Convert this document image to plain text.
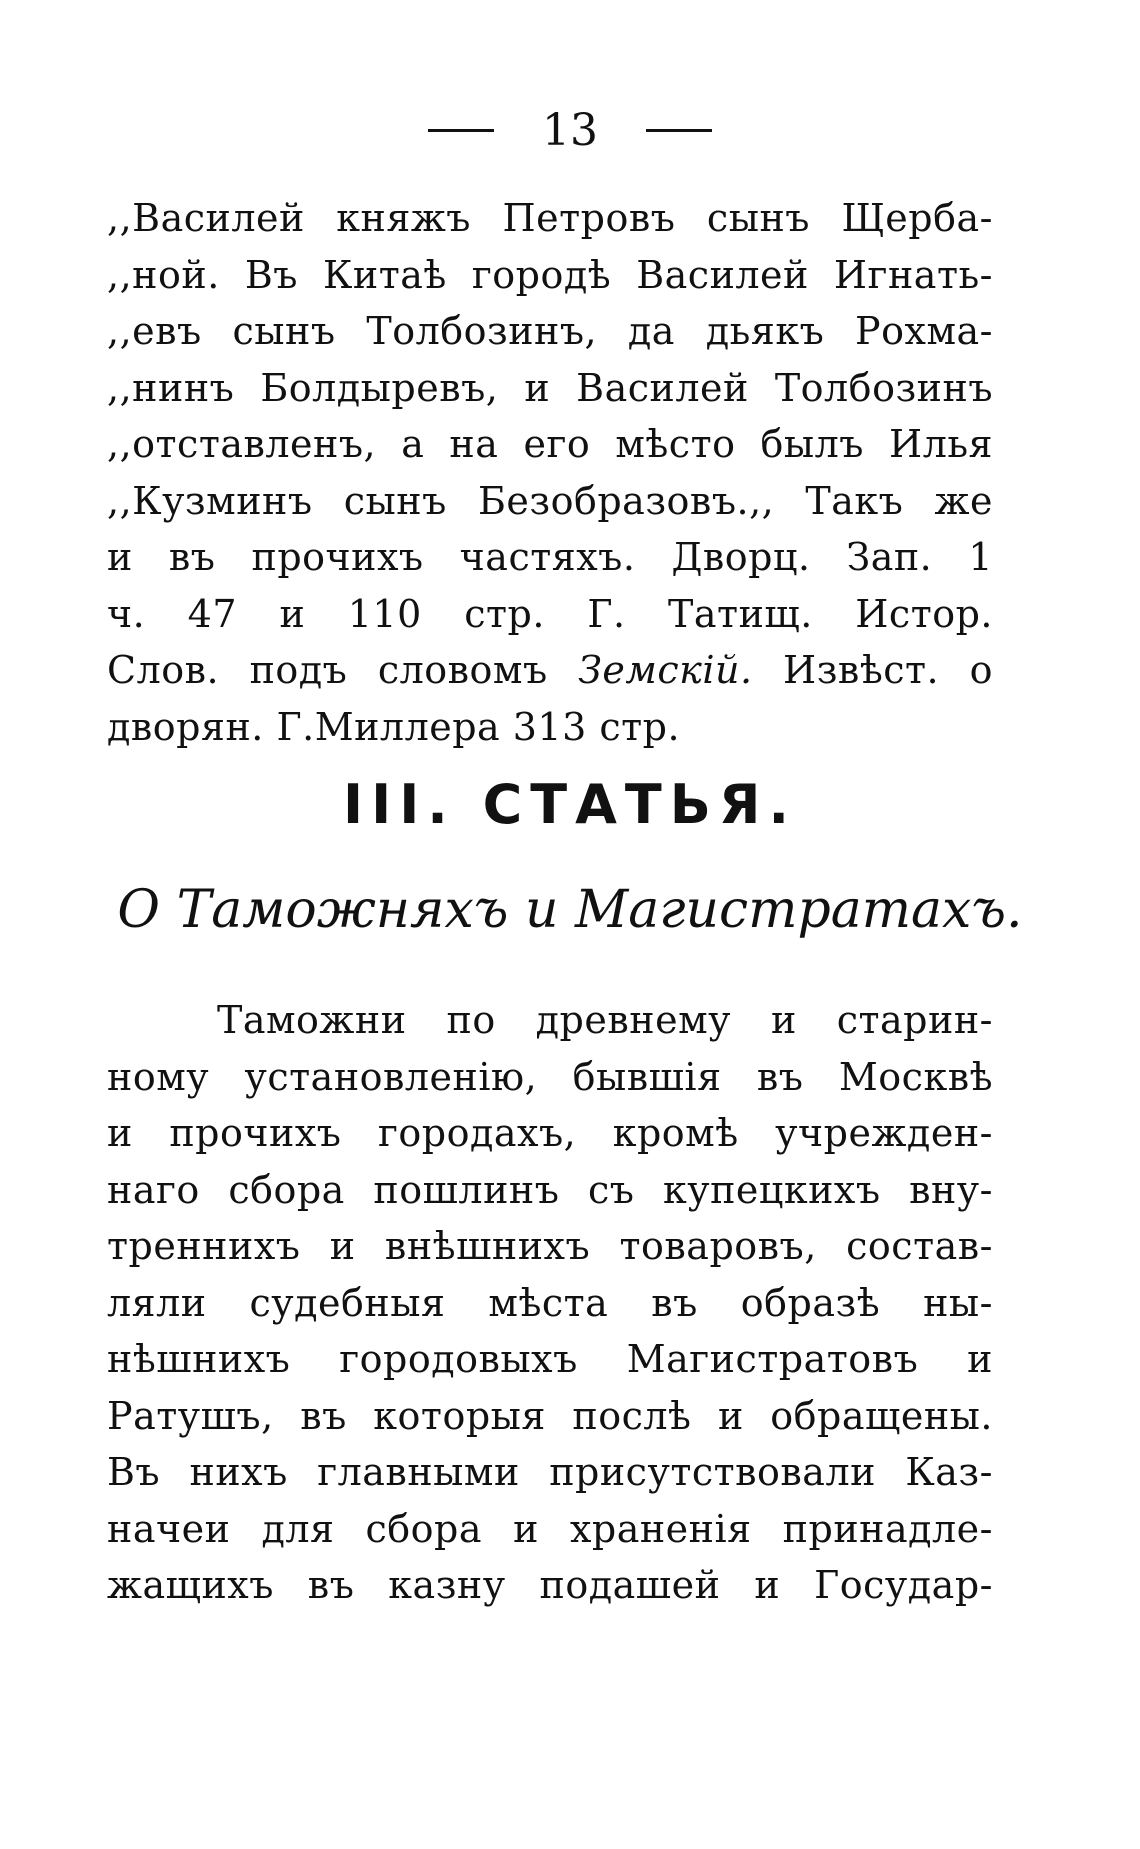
13
,,Василей княжъ Петровъ сынъ Щерба-
,,ной. Въ Китаѣ городѣ Василей Игнать-
,,евъ сынъ Толбозинъ, да дьякъ Рохма-
,,нинъ Болдыревъ, и Василей Толбозинъ
,,отставленъ, а на его мѣсто былъ Илья
,,Кузминъ сынъ Безобразовъ.,, Такъ же
и въ прочихъ частяхъ. Дворц. Зап. 1
ч. 47 и 110 стр. Г. Татищ. Истор.
Слов. подъ словомъ Земскій. Извѣст. о
дворян. Г.Миллера 313 стр.
III. СТАТЬЯ.
О Таможняхъ и Магистратахъ.
Таможни по древнему и старин-
ному установленію, бывшія въ Москвѣ
и прочихъ городахъ, кромѣ учрежден-
наго сбора пошлинъ съ купецкихъ вну-
треннихъ и внѣшнихъ товаровъ, состав-
ляли судебныя мѣста въ образѣ ны-
нѣшнихъ городовыхъ Магистратовъ и
Ратушъ, въ которыя послѣ и обращены.
Въ нихъ главными присутствовали Каз-
начеи для сбора и храненія принадле-
жащихъ въ казну подашей и Государ-
